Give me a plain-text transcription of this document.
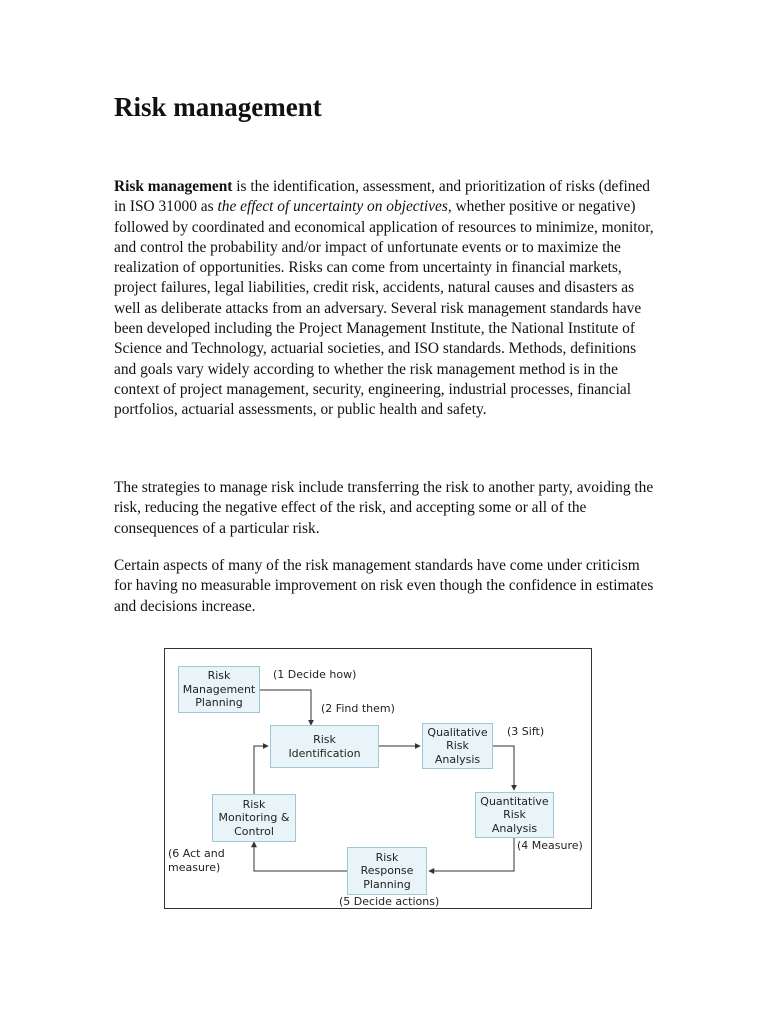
Risk management

Risk management is the identification, assessment, and prioritization of risks (defined in ISO 31000 as the effect of uncertainty on objectives, whether positive or negative) followed by coordinated and economical application of resources to minimize, monitor, and control the probability and/or impact of unfortunate events or to maximize the realization of opportunities. Risks can come from uncertainty in financial markets, project failures, legal liabilities, credit risk, accidents, natural causes and disasters as well as deliberate attacks from an adversary. Several risk management standards have been developed including the Project Management Institute, the National Institute of Science and Technology, actuarial societies, and ISO standards. Methods, definitions and goals vary widely according to whether the risk management method is in the context of project management, security, engineering, industrial processes, financial portfolios, actuarial assessments, or public health and safety.

The strategies to manage risk include transferring the risk to another party, avoiding the risk, reducing the negative effect of the risk, and accepting some or all of the consequences of a particular risk.

Certain aspects of many of the risk management standards have come under criticism for having no measurable improvement on risk even though the confidence in estimates and decisions increase.

Risk
Management
Planning
Risk
Identification
Qualitative
Risk
Analysis
Quantitative
Risk
Analysis
Risk
Response
Planning
Risk
Monitoring &
Control
(1 Decide how)
(2 Find them)
(3 Sift)
(4 Measure)
(5 Decide actions)
(6 Act and
measure)
